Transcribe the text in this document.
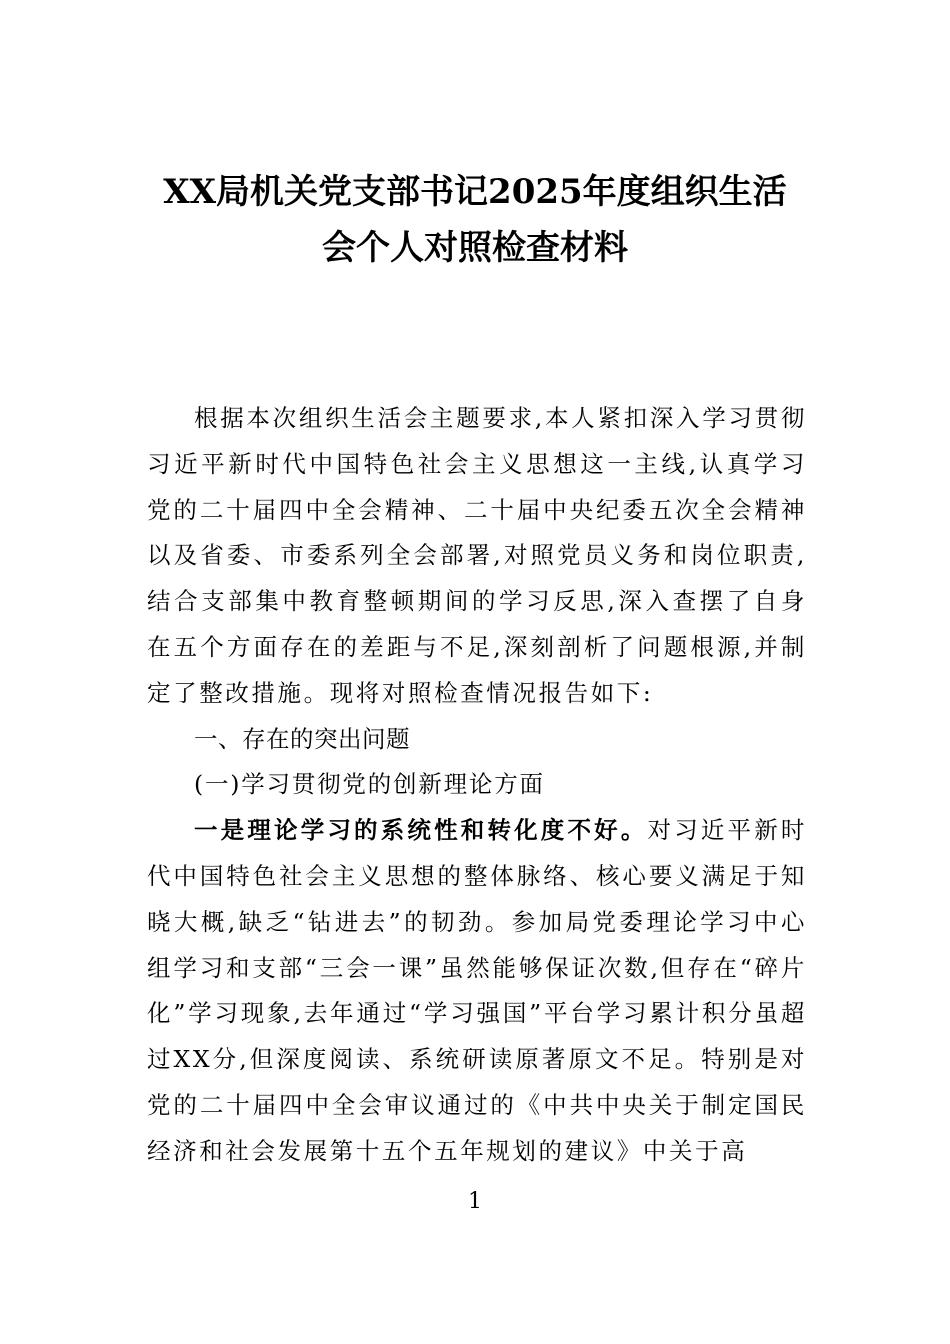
XX局机关党支部书记2025年度组织生活
会个人对照检查材料

根据本次组织生活会主题要求,本人紧扣深入学习贯彻习近平新时代中国特色社会主义思想这一主线,认真学习党的二十届四中全会精神、二十届中央纪委五次全会精神以及省委、市委系列全会部署,对照党员义务和岗位职责,结合支部集中教育整顿期间的学习反思,深入查摆了自身在五个方面存在的差距与不足,深刻剖析了问题根源,并制定了整改措施。现将对照检查情况报告如下:

一、存在的突出问题

(一)学习贯彻党的创新理论方面

一是理论学习的系统性和转化度不好。对习近平新时代中国特色社会主义思想的整体脉络、核心要义满足于知晓大概,缺乏“钻进去”的韧劲。参加局党委理论学习中心组学习和支部“三会一课”虽然能够保证次数,但存在“碎片化”学习现象,去年通过“学习强国”平台学习累计积分虽超过XX分,但深度阅读、系统研读原著原文不足。特别是对党的二十届四中全会审议通过的《中共中央关于制定国民经济和社会发展第十五个五年规划的建议》中关于高

1
